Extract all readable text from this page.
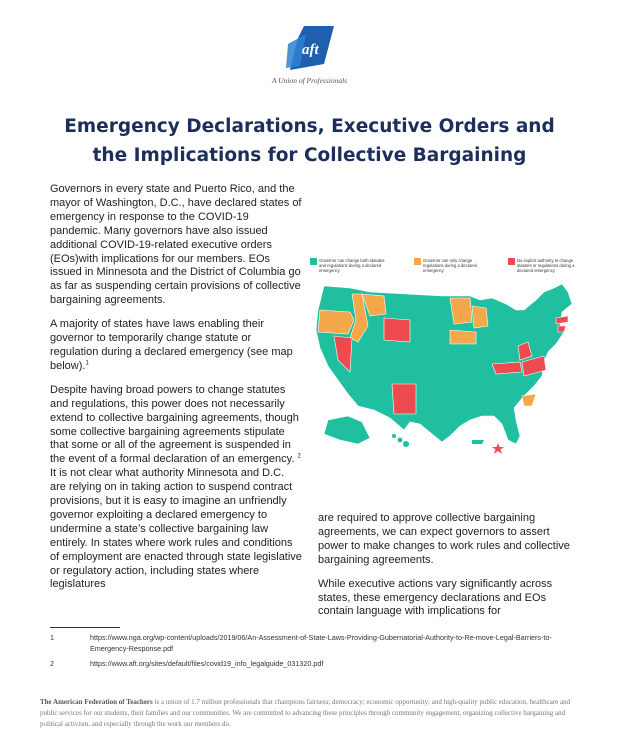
aft
A Union of Professionals
Emergency Declarations, Executive Orders and
the Implications for Collective Bargaining

Governors in every state and Puerto Rico, and the mayor of Washington, D.C., have declared states of emergency in response to the COVID-19 pandemic. Many governors have also issued additional COVID-19-related executive orders (EOs)with implications for our members. EOs issued in Minnesota and the District of Columbia go as far as suspending certain provisions of collective bargaining agreements.

A majority of states have laws enabling their governor to temporarily change statute or regulation during a declared emergency (see map below).$^1$

Despite having broad powers to change statutes and regulations, this power does not necessarily extend to collective bargaining agreements, though some collective bargaining agreements stipulate that some or all of the agreement is suspended in the event of a formal declaration of an emergency. $^2$ It is not clear what authority Minnesota and D.C. are relying on in taking action to suspend contract provisions, but it is easy to imagine an unfriendly governor exploiting a declared emergency to undermine a state’s collective bargaining law entirely. In states where work rules and conditions of employment are enacted through state legislative or regulatory action, including states where legislatures

Governor can change both statutes and regulations during a declared emergency
Governor can only change regulations during a declared emergency
No explicit authority to change statutes or regulations during a declared emergency

are required to approve collective bargaining agreements, we can expect governors to assert power to make changes to work rules and collective bargaining agreements.

While executive actions vary significantly across states, these emergency declarations and EOs contain language with implications for

1	https://www.nga.org/wp-content/uploads/2019/06/An-Assessment-of-State-Laws-Providing-Gubernatorial-Authority-to-Re-move-Legal-Barriers-to-Emergency-Response.pdf
2	https://www.aft.org/sites/default/files/covid19_info_legalguide_031320.pdf
The American Federation of Teachers is a union of 1.7 million professionals that champions fairness; democracy; economic opportunity; and high-quality public education, healthcare and public services for our students, their families and our communities. We are committed to advancing these principles through community engagement, organizing collective bargaining and political activism, and especially through the work our members do.
